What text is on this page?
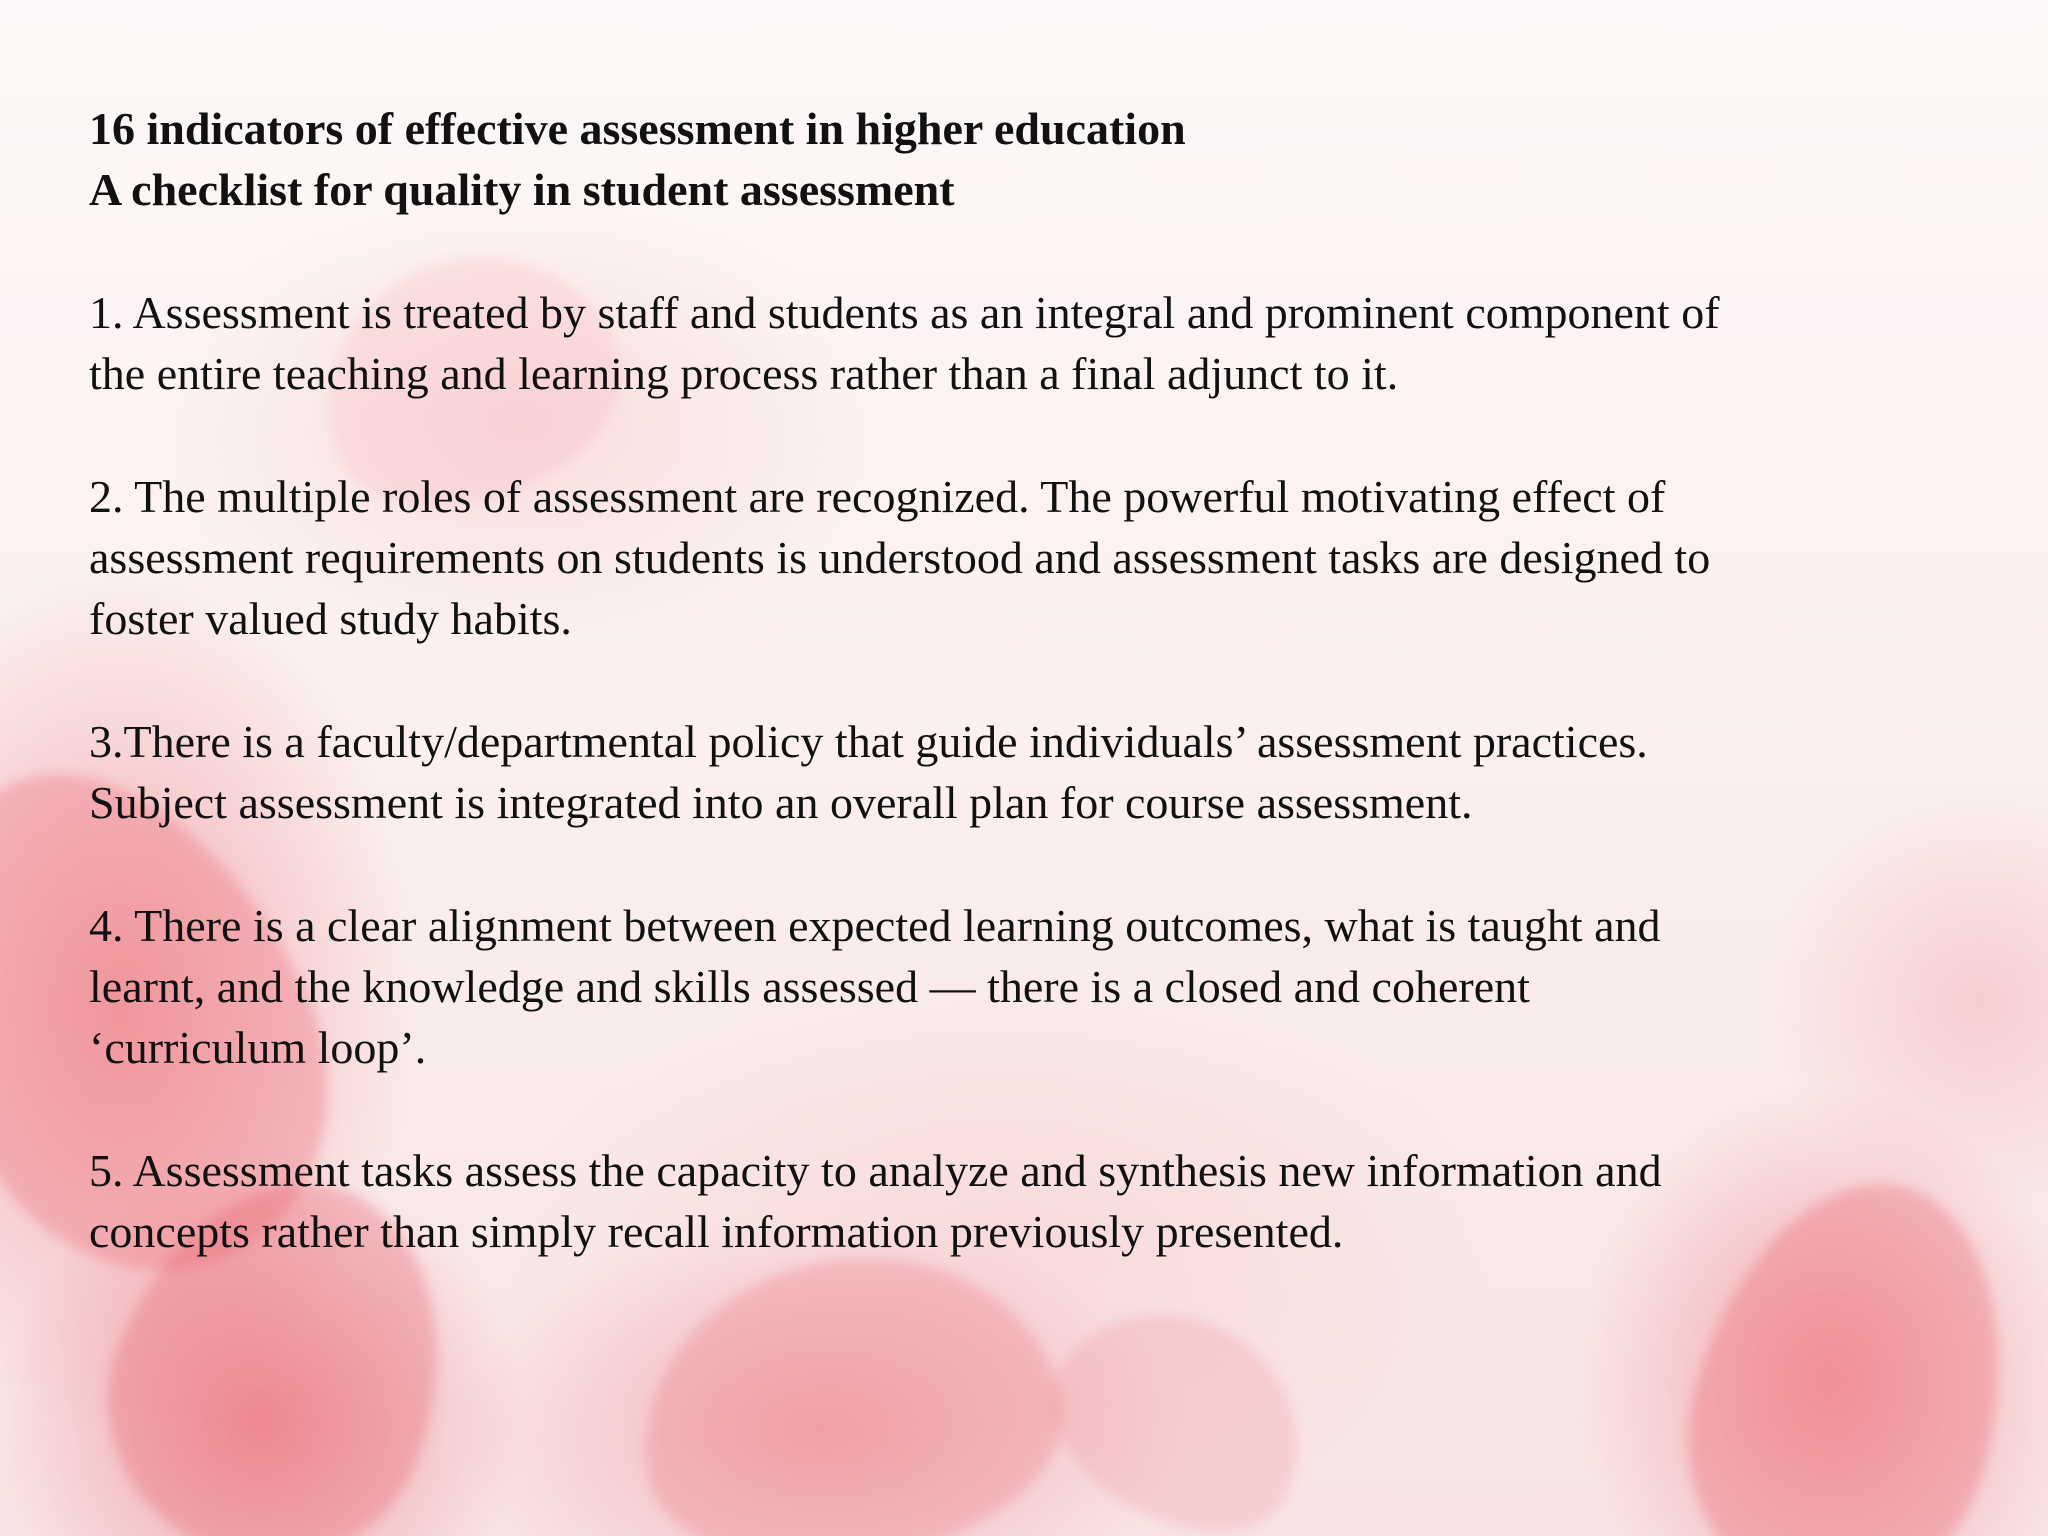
16 indicators of effective assessment in higher education
A checklist for quality in student assessment
1. Assessment is treated by staff and students as an integral and prominent component of
the entire teaching and learning process rather than a final adjunct to it.
2. The multiple roles of assessment are recognized. The powerful motivating effect of
assessment requirements on students is understood and assessment tasks are designed to
foster valued study habits.
3.There is a faculty/departmental policy that guide individuals’ assessment practices.
Subject assessment is integrated into an overall plan for course assessment.
4. There is a clear alignment between expected learning outcomes, what is taught and
learnt, and the knowledge and skills assessed — there is a closed and coherent
‘curriculum loop’.
5. Assessment tasks assess the capacity to analyze and synthesis new information and
concepts rather than simply recall information previously presented.
